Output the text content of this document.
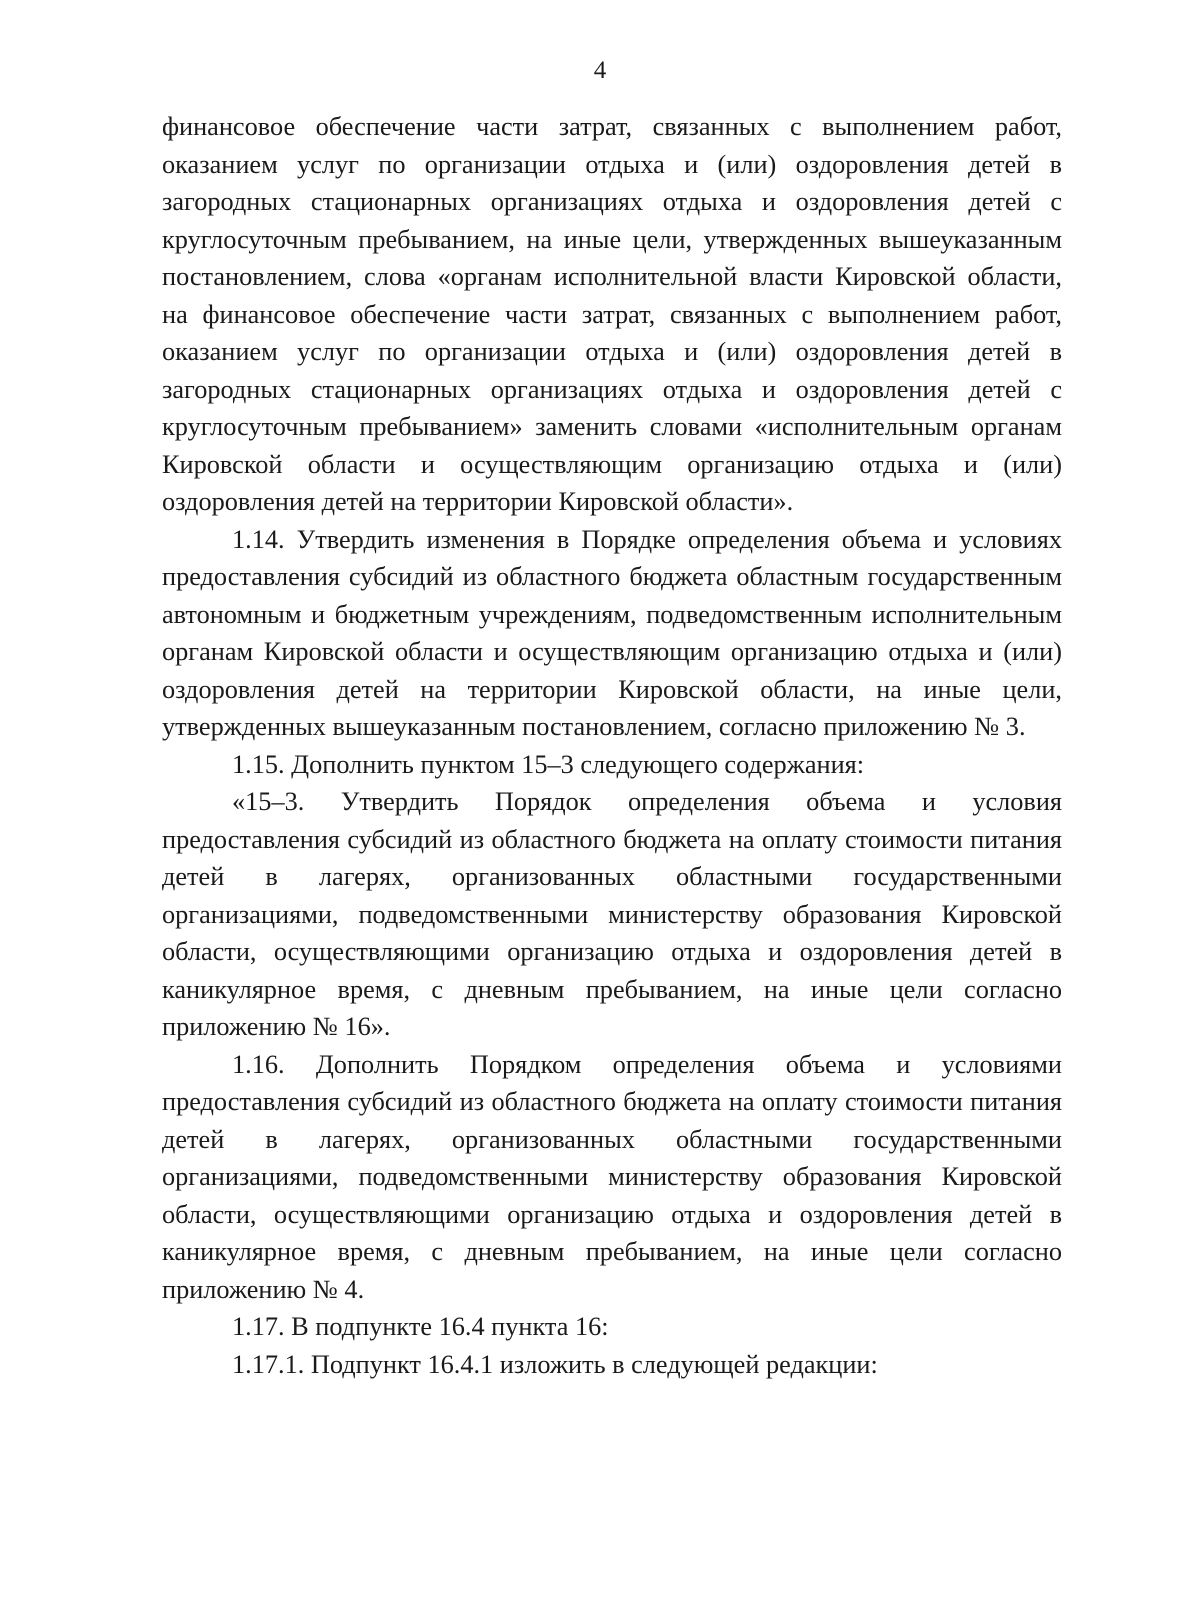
4

финансовое обеспечение части затрат, связанных с выполнением работ, оказанием услуг по организации отдыха и (или) оздоровления детей в загородных стационарных организациях отдыха и оздоровления детей с круглосуточным пребыванием, на иные цели, утвержденных вышеуказанным постановлением, слова «органам исполнительной власти Кировской области, на финансовое обеспечение части затрат, связанных с выполнением работ, оказанием услуг по организации отдыха и (или) оздоровления детей в загородных стационарных организациях отдыха и оздоровления детей с круглосуточным пребыванием» заменить словами «исполнительным органам Кировской области и осуществляющим организацию отдыха и (или) оздоровления детей на территории Кировской области».

1.14. Утвердить изменения в Порядке определения объема и условиях предоставления субсидий из областного бюджета областным государственным автономным и бюджетным учреждениям, подведомственным исполнительным органам Кировской области и осуществляющим организацию отдыха и (или) оздоровления детей на территории Кировской области, на иные цели, утвержденных вышеуказанным постановлением, согласно приложению № 3.

1.15. Дополнить пунктом 15–3 следующего содержания:

«15–3. Утвердить Порядок определения объема и условия предоставления субсидий из областного бюджета на оплату стоимости питания детей в лагерях, организованных областными государственными организациями, подведомственными министерству образования Кировской области, осуществляющими организацию отдыха и оздоровления детей в каникулярное время, с дневным пребыванием, на иные цели согласно приложению № 16».

1.16. Дополнить Порядком определения объема и условиями предоставления субсидий из областного бюджета на оплату стоимости питания детей в лагерях, организованных областными государственными организациями, подведомственными министерству образования Кировской области, осуществляющими организацию отдыха и оздоровления детей в каникулярное время, с дневным пребыванием, на иные цели согласно приложению № 4.

1.17. В подпункте 16.4 пункта 16:

1.17.1. Подпункт 16.4.1 изложить в следующей редакции:
